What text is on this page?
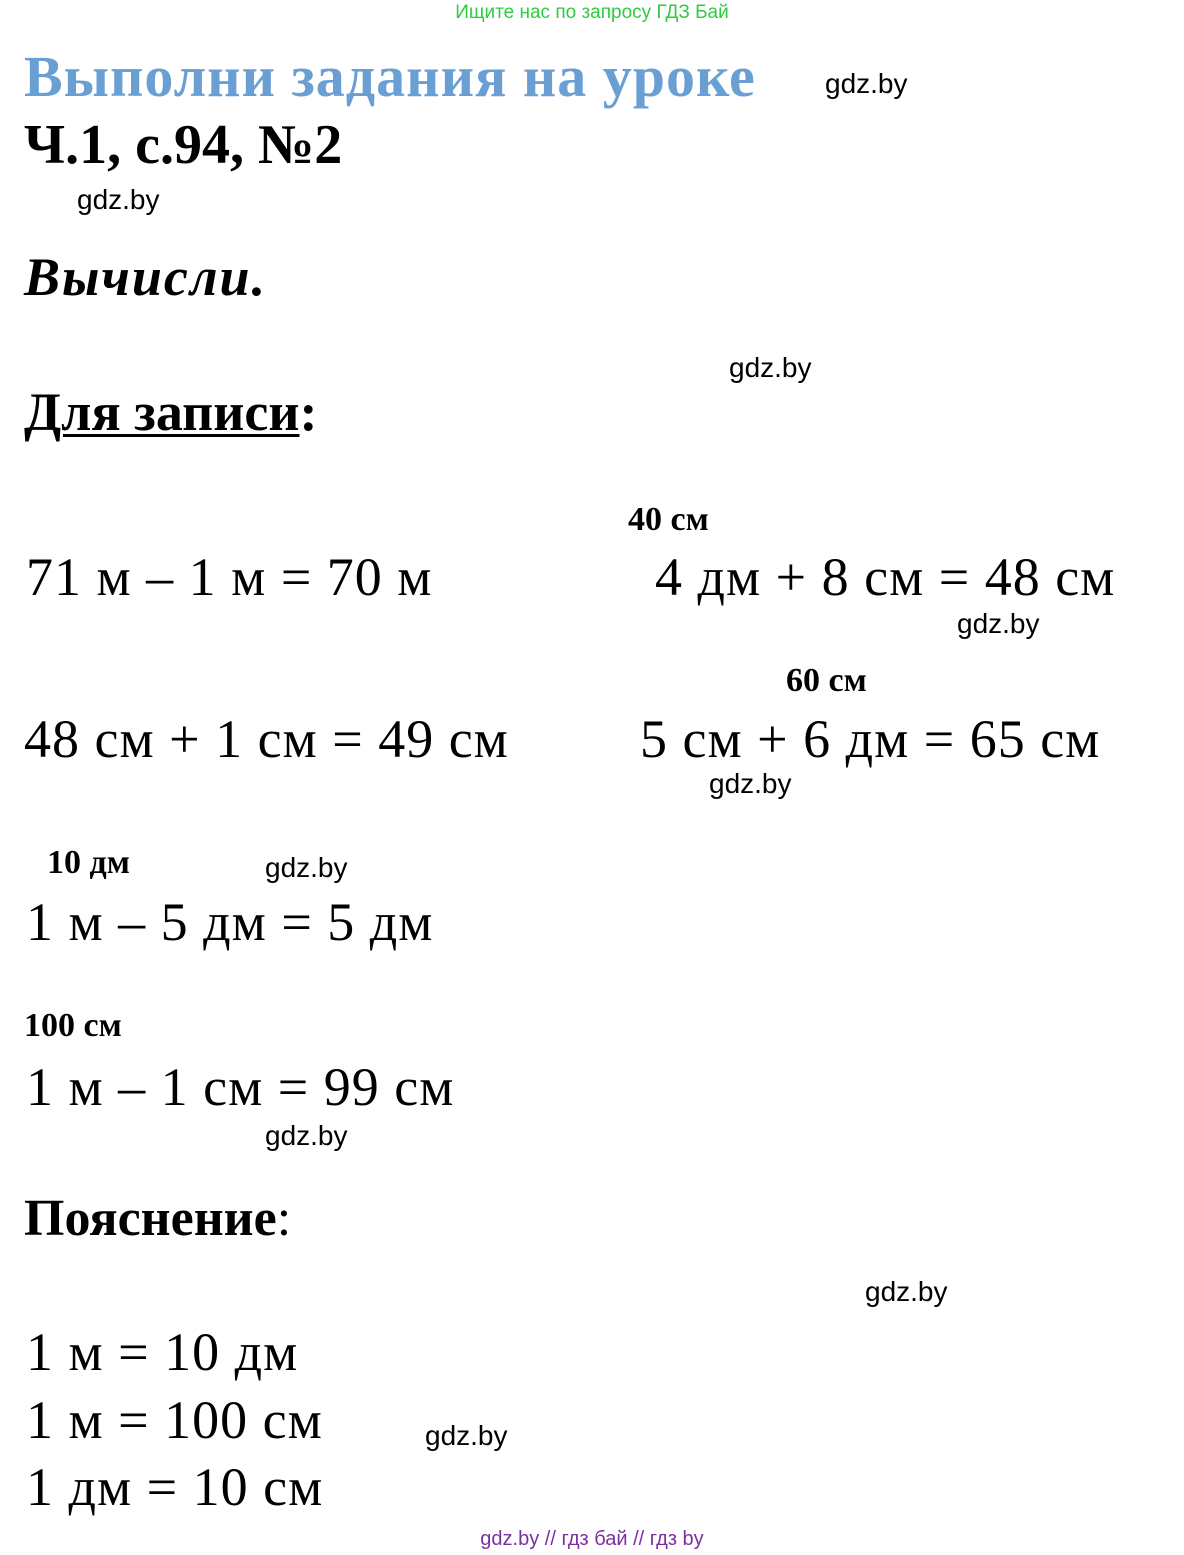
Ищите нас по запросу ГДЗ Бай
Выполни задания на уроке gdz.by
Ч.1, с.94, №2
gdz.by
Вычисли.
gdz.by
Для записи:
71 м – 1 м = 70 м
40 см
4 дм + 8 см = 48 см
gdz.by
60 см
48 см + 1 см = 49 см 5 см + 6 дм = 65 см
gdz.by
10 дм	gdz.by
1 м – 5 дм = 5 дм
100 см
1 м – 1 см = 99 см
gdz.by
Пояснение:
gdz.by
1 м = 10 дм
1 м = 100 см	gdz.by
1 дм = 10 см
gdz.by // гдз бай // гдз by
